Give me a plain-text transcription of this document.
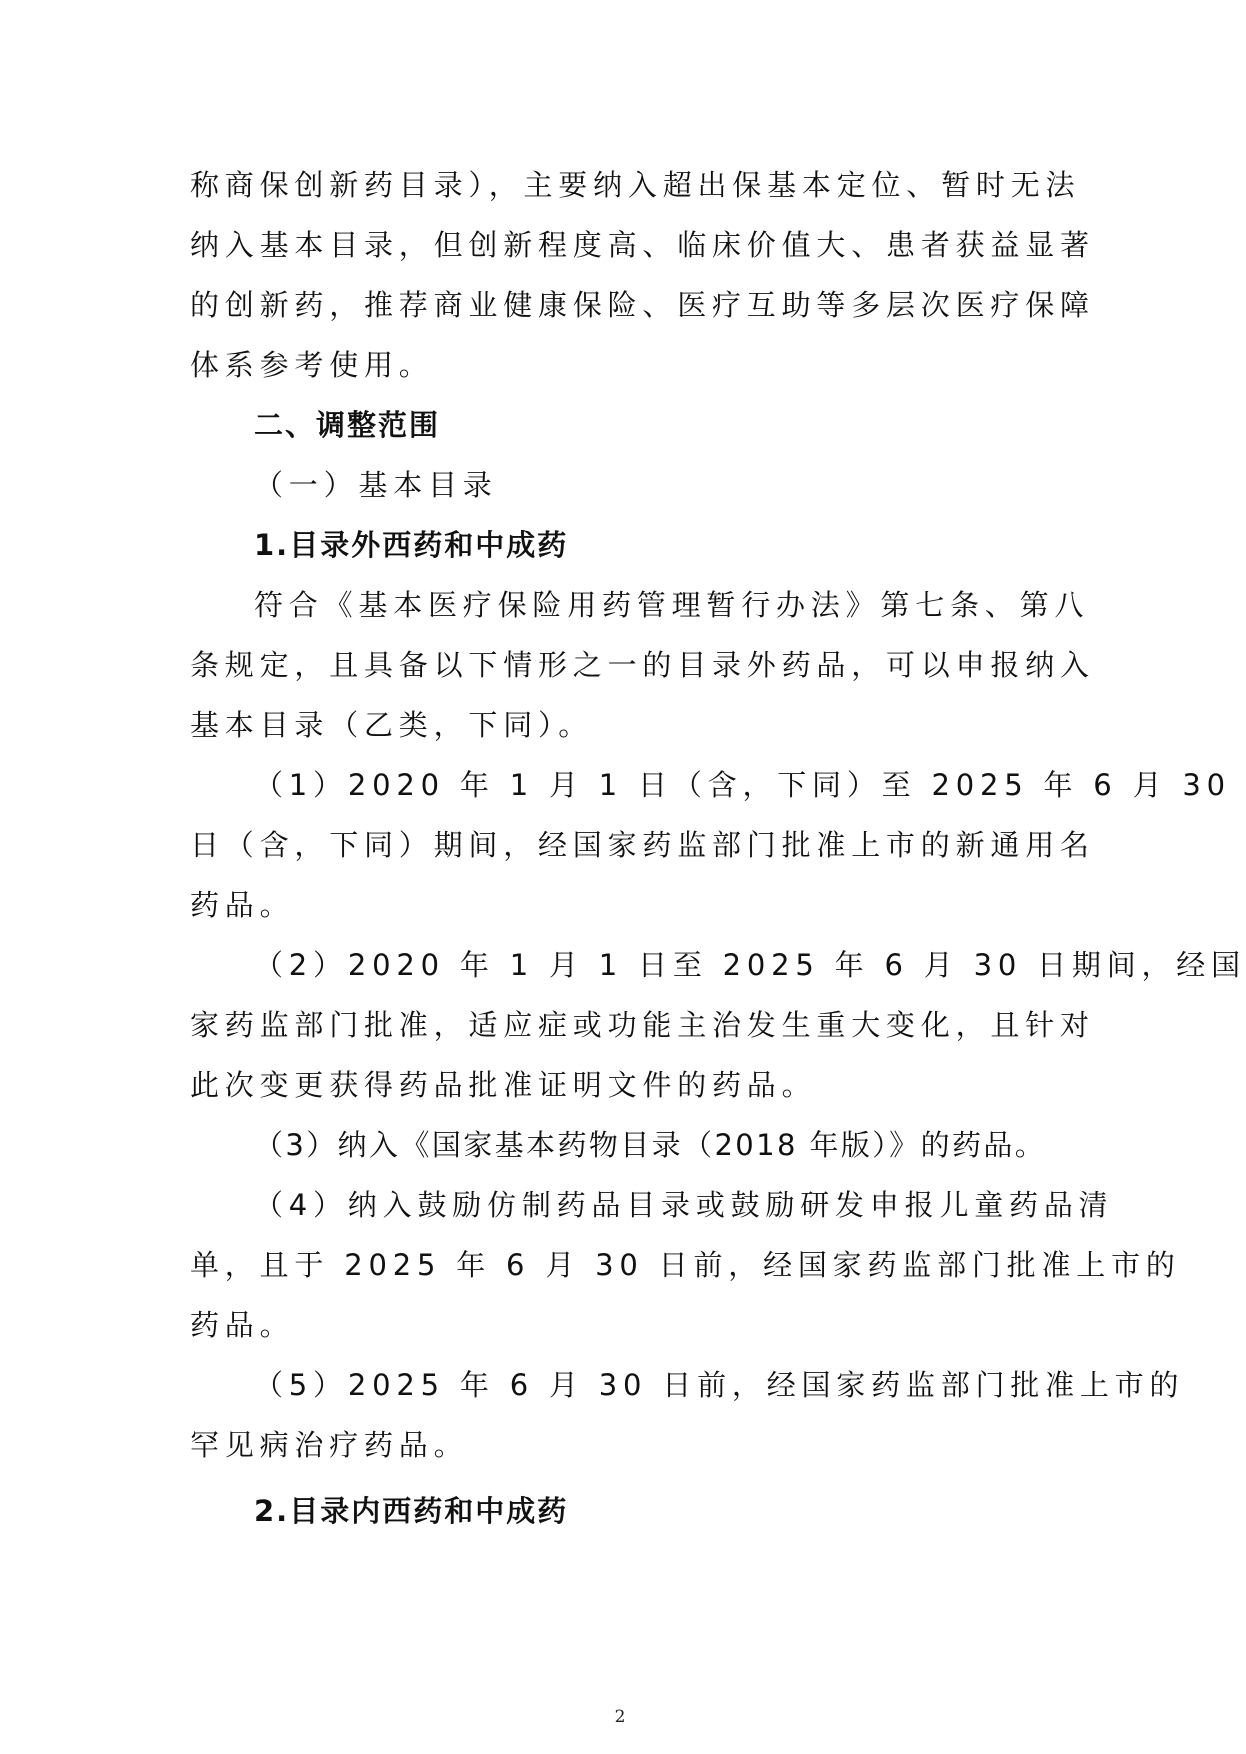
称商保创新药目录），主要纳入超出保基本定位、暂时无法
纳入基本目录，但创新程度高、临床价值大、患者获益显著
的创新药，推荐商业健康保险、医疗互助等多层次医疗保障
体系参考使用。
二、调整范围
（一）基本目录
1.目录外西药和中成药
符合《基本医疗保险用药管理暂行办法》第七条、第八
条规定，且具备以下情形之一的目录外药品，可以申报纳入
基本目录（乙类，下同）。
（1）2020 年 1 月 1 日（含，下同）至 2025 年 6 月 30
日（含，下同）期间，经国家药监部门批准上市的新通用名
药品。
（2）2020 年 1 月 1 日至 2025 年 6 月 30 日期间，经国
家药监部门批准，适应症或功能主治发生重大变化，且针对
此次变更获得药品批准证明文件的药品。
（3）纳入《国家基本药物目录（2018 年版）》的药品。
（4）纳入鼓励仿制药品目录或鼓励研发申报儿童药品清
单，且于 2025 年 6 月 30 日前，经国家药监部门批准上市的
药品。
（5）2025 年 6 月 30 日前，经国家药监部门批准上市的
罕见病治疗药品。
2.目录内西药和中成药
2
